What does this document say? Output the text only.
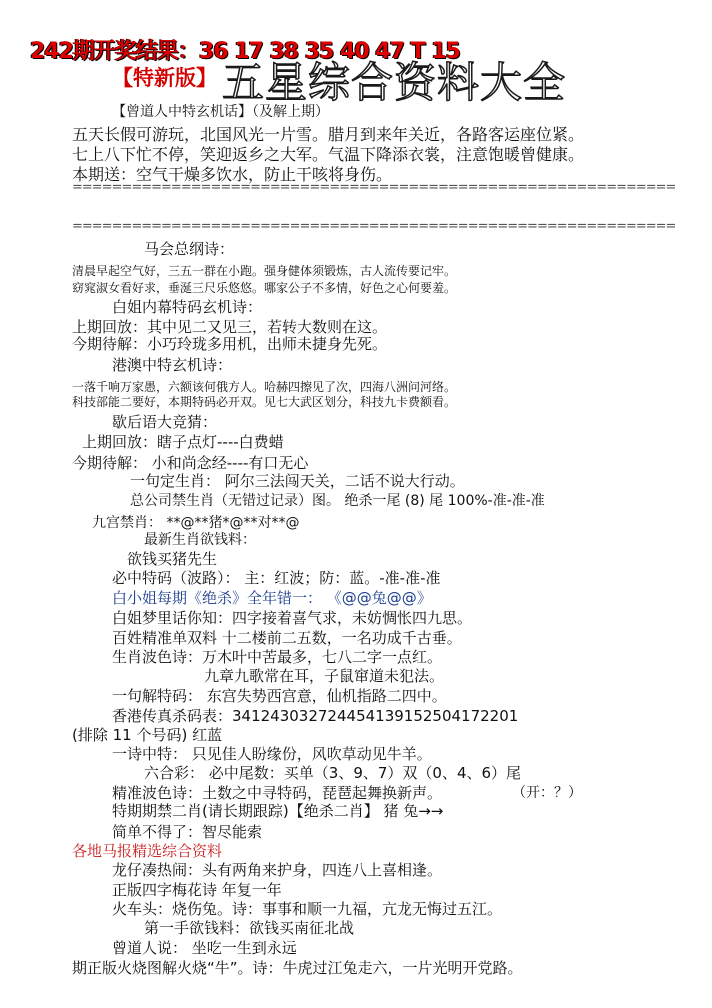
242期开奖结果：36 17 38 35 40 47 T 15
【特新版】 五星综合资料大全
【曾道人中特玄机话】（及解上期）
五天长假可游玩，北国风光一片雪。腊月到来年关近，各路客运座位紧。
七上八下忙不停，笑迎返乡之大军。气温下降添衣裳，注意饱暖曾健康。
本期送：空气干燥多饮水，防止干咳将身伤。
=============================================================
=============================================================
马会总纲诗：
清晨早起空气好，三五一群在小跑。强身健体须锻炼，古人流传要记牢。
窈窕淑女看好求，垂涎三尺乐悠悠。哪家公子不多情，好色之心何要羞。
白姐内幕特码玄机诗：
上期回放：其中见二又见三，若转大数则在这。
今期待解：小巧玲珑多用机，出师未捷身先死。
港澳中特玄机诗：
一落千响万家愚，六额该何俄方人。哈赫四擦见了次，四海八洲问河络。
科技部能二要好，本期特码必开双。见七大武区划分，科技九卡费额看。
歇后语大竞猜：
上期回放：瞎子点灯----白费蜡
今期待解： 小和尚念经----有口无心
一句定生肖： 阿尔三法闯天关，二话不说大行动。
总公司禁生肖（无错过记录）图。 绝杀一尾 (8) 尾 100%-准-准-准
九宫禁肖： **@**猪*@**对**@
最新生肖欲钱料：
欲钱买猪先生
必中特码（波路）： 主：红波；防：蓝。-准-准-准
白小姐每期《绝杀》全年错一： 《@@兔@@》
白姐梦里话你知：四字接着喜气求，未妨惆怅四九思。
百姓精准单双料 十二楼前二五数，一名功成千古垂。
生肖波色诗：万木叶中苦最多，七八二字一点红。
九章九歌常在耳，子鼠窜道未犯法。
一句解特码： 东宫失势西宫意，仙机指路二四中。
香港传真杀码表：341243032724454139152504172201
(排除 11 个号码) 红蓝
一诗中特： 只见佳人盼缘份，风吹草动见牛羊。
六合彩： 必中尾数：买单（3、9、7）双（0、4、6）尾
精准波色诗：土数之中寻特码，琵琶起舞换新声。	（开：？）
特期期禁二肖(请长期跟踪)【绝杀二肖】 猪 兔→→
简单不得了：智尽能索
各地马报精选综合资料
龙仔凑热闹：头有两角来护身，四连八上喜相逢。
正版四字梅花诗 年复一年
火车头：烧伤兔。诗：事事和顺一九福，亢龙无悔过五江。
第一手欲钱料：欲钱买南征北战
曾道人说： 坐吃一生到永远
期正版火烧图解火烧“牛”。诗：牛虎过江兔走六，一片光明开党路。
